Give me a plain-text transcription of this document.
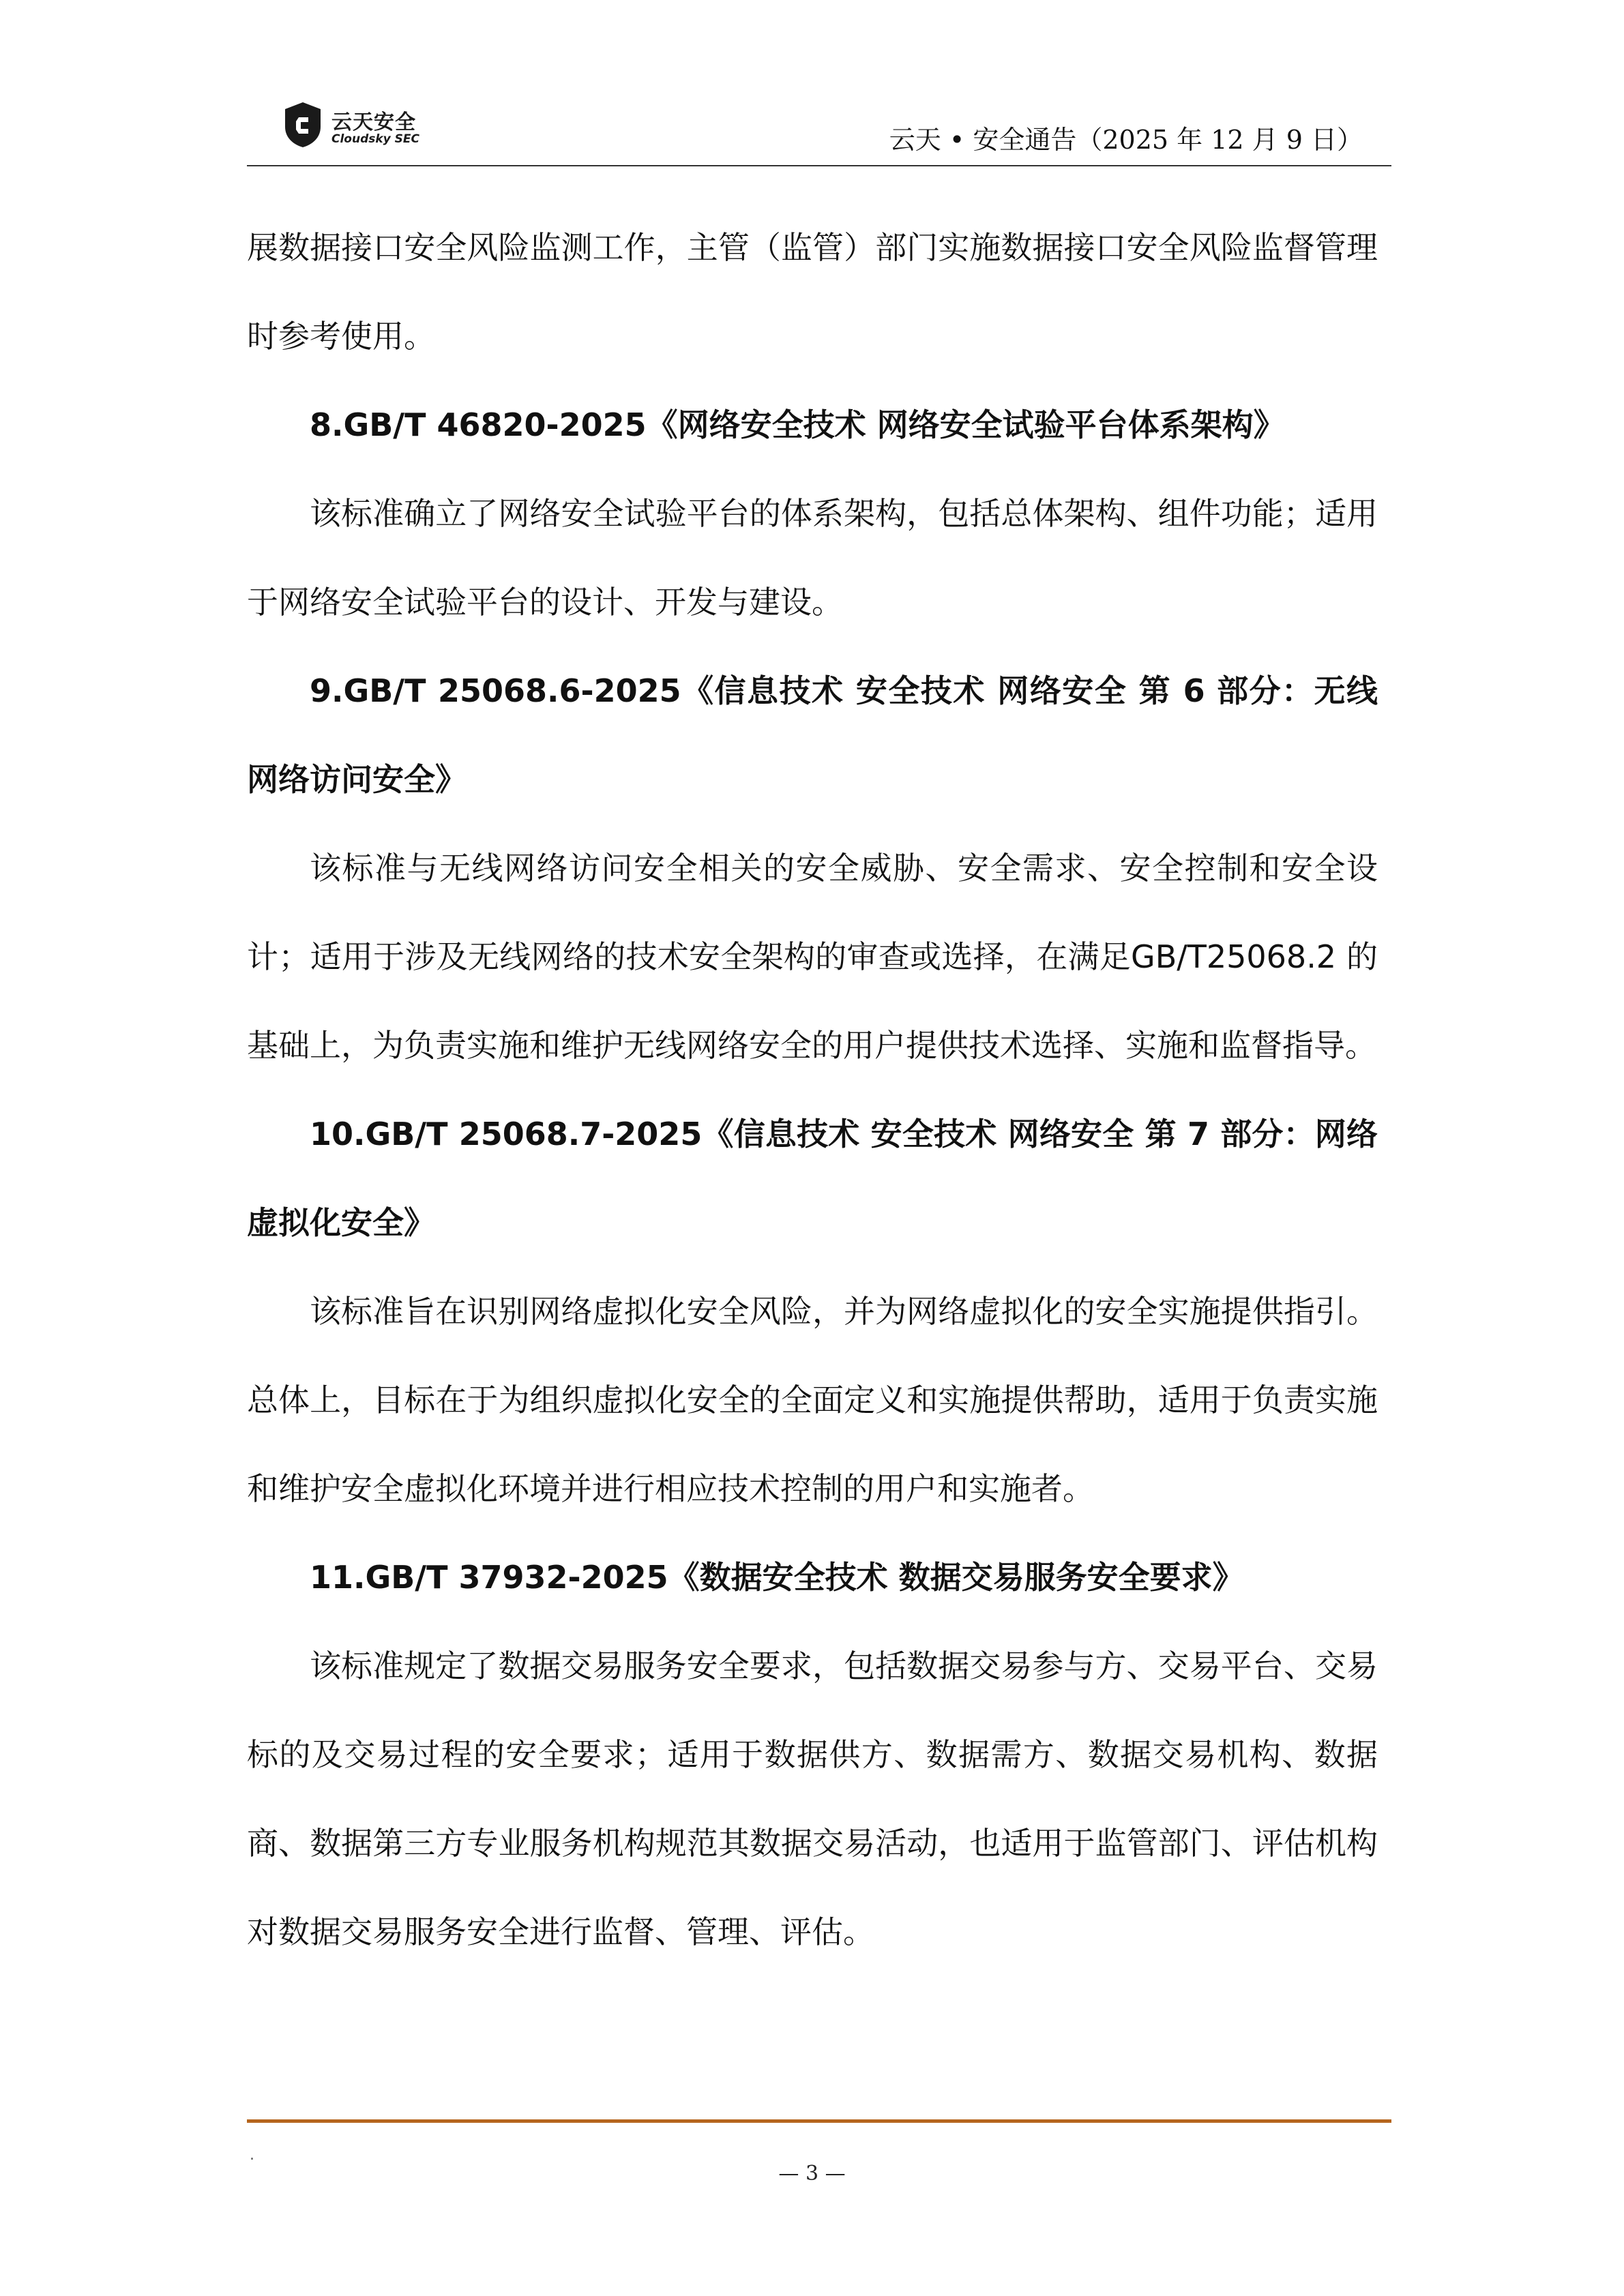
云天安全
Cloudsky SEC	云天 • 安全通告（2025 年 12 月 9 日）

展数据接口安全风险监测工作，主管（监管）部门实施数据接口安全风险监督管理时参考使用。

8.GB/T 46820-2025《网络安全技术 网络安全试验平台体系架构》

该标准确立了网络安全试验平台的体系架构，包括总体架构、组件功能；适用于网络安全试验平台的设计、开发与建设。

9.GB/T 25068.6-2025《信息技术 安全技术 网络安全 第 6 部分：无线网络访问安全》

该标准与无线网络访问安全相关的安全威胁、安全需求、安全控制和安全设计；适用于涉及无线网络的技术安全架构的审查或选择，在满足GB/T25068.2 的基础上，为负责实施和维护无线网络安全的用户提供技术选择、实施和监督指导。

10.GB/T 25068.7-2025《信息技术 安全技术 网络安全 第 7 部分：网络虚拟化安全》

该标准旨在识别网络虚拟化安全风险，并为网络虚拟化的安全实施提供指引。总体上，目标在于为组织虚拟化安全的全面定义和实施提供帮助，适用于负责实施和维护安全虚拟化环境并进行相应技术控制的用户和实施者。

11.GB/T 37932-2025《数据安全技术 数据交易服务安全要求》

该标准规定了数据交易服务安全要求，包括数据交易参与方、交易平台、交易标的及交易过程的安全要求；适用于数据供方、数据需方、数据交易机构、数据商、数据第三方专业服务机构规范其数据交易活动，也适用于监管部门、评估机构对数据交易服务安全进行监督、管理、评估。

.
— 3 —
